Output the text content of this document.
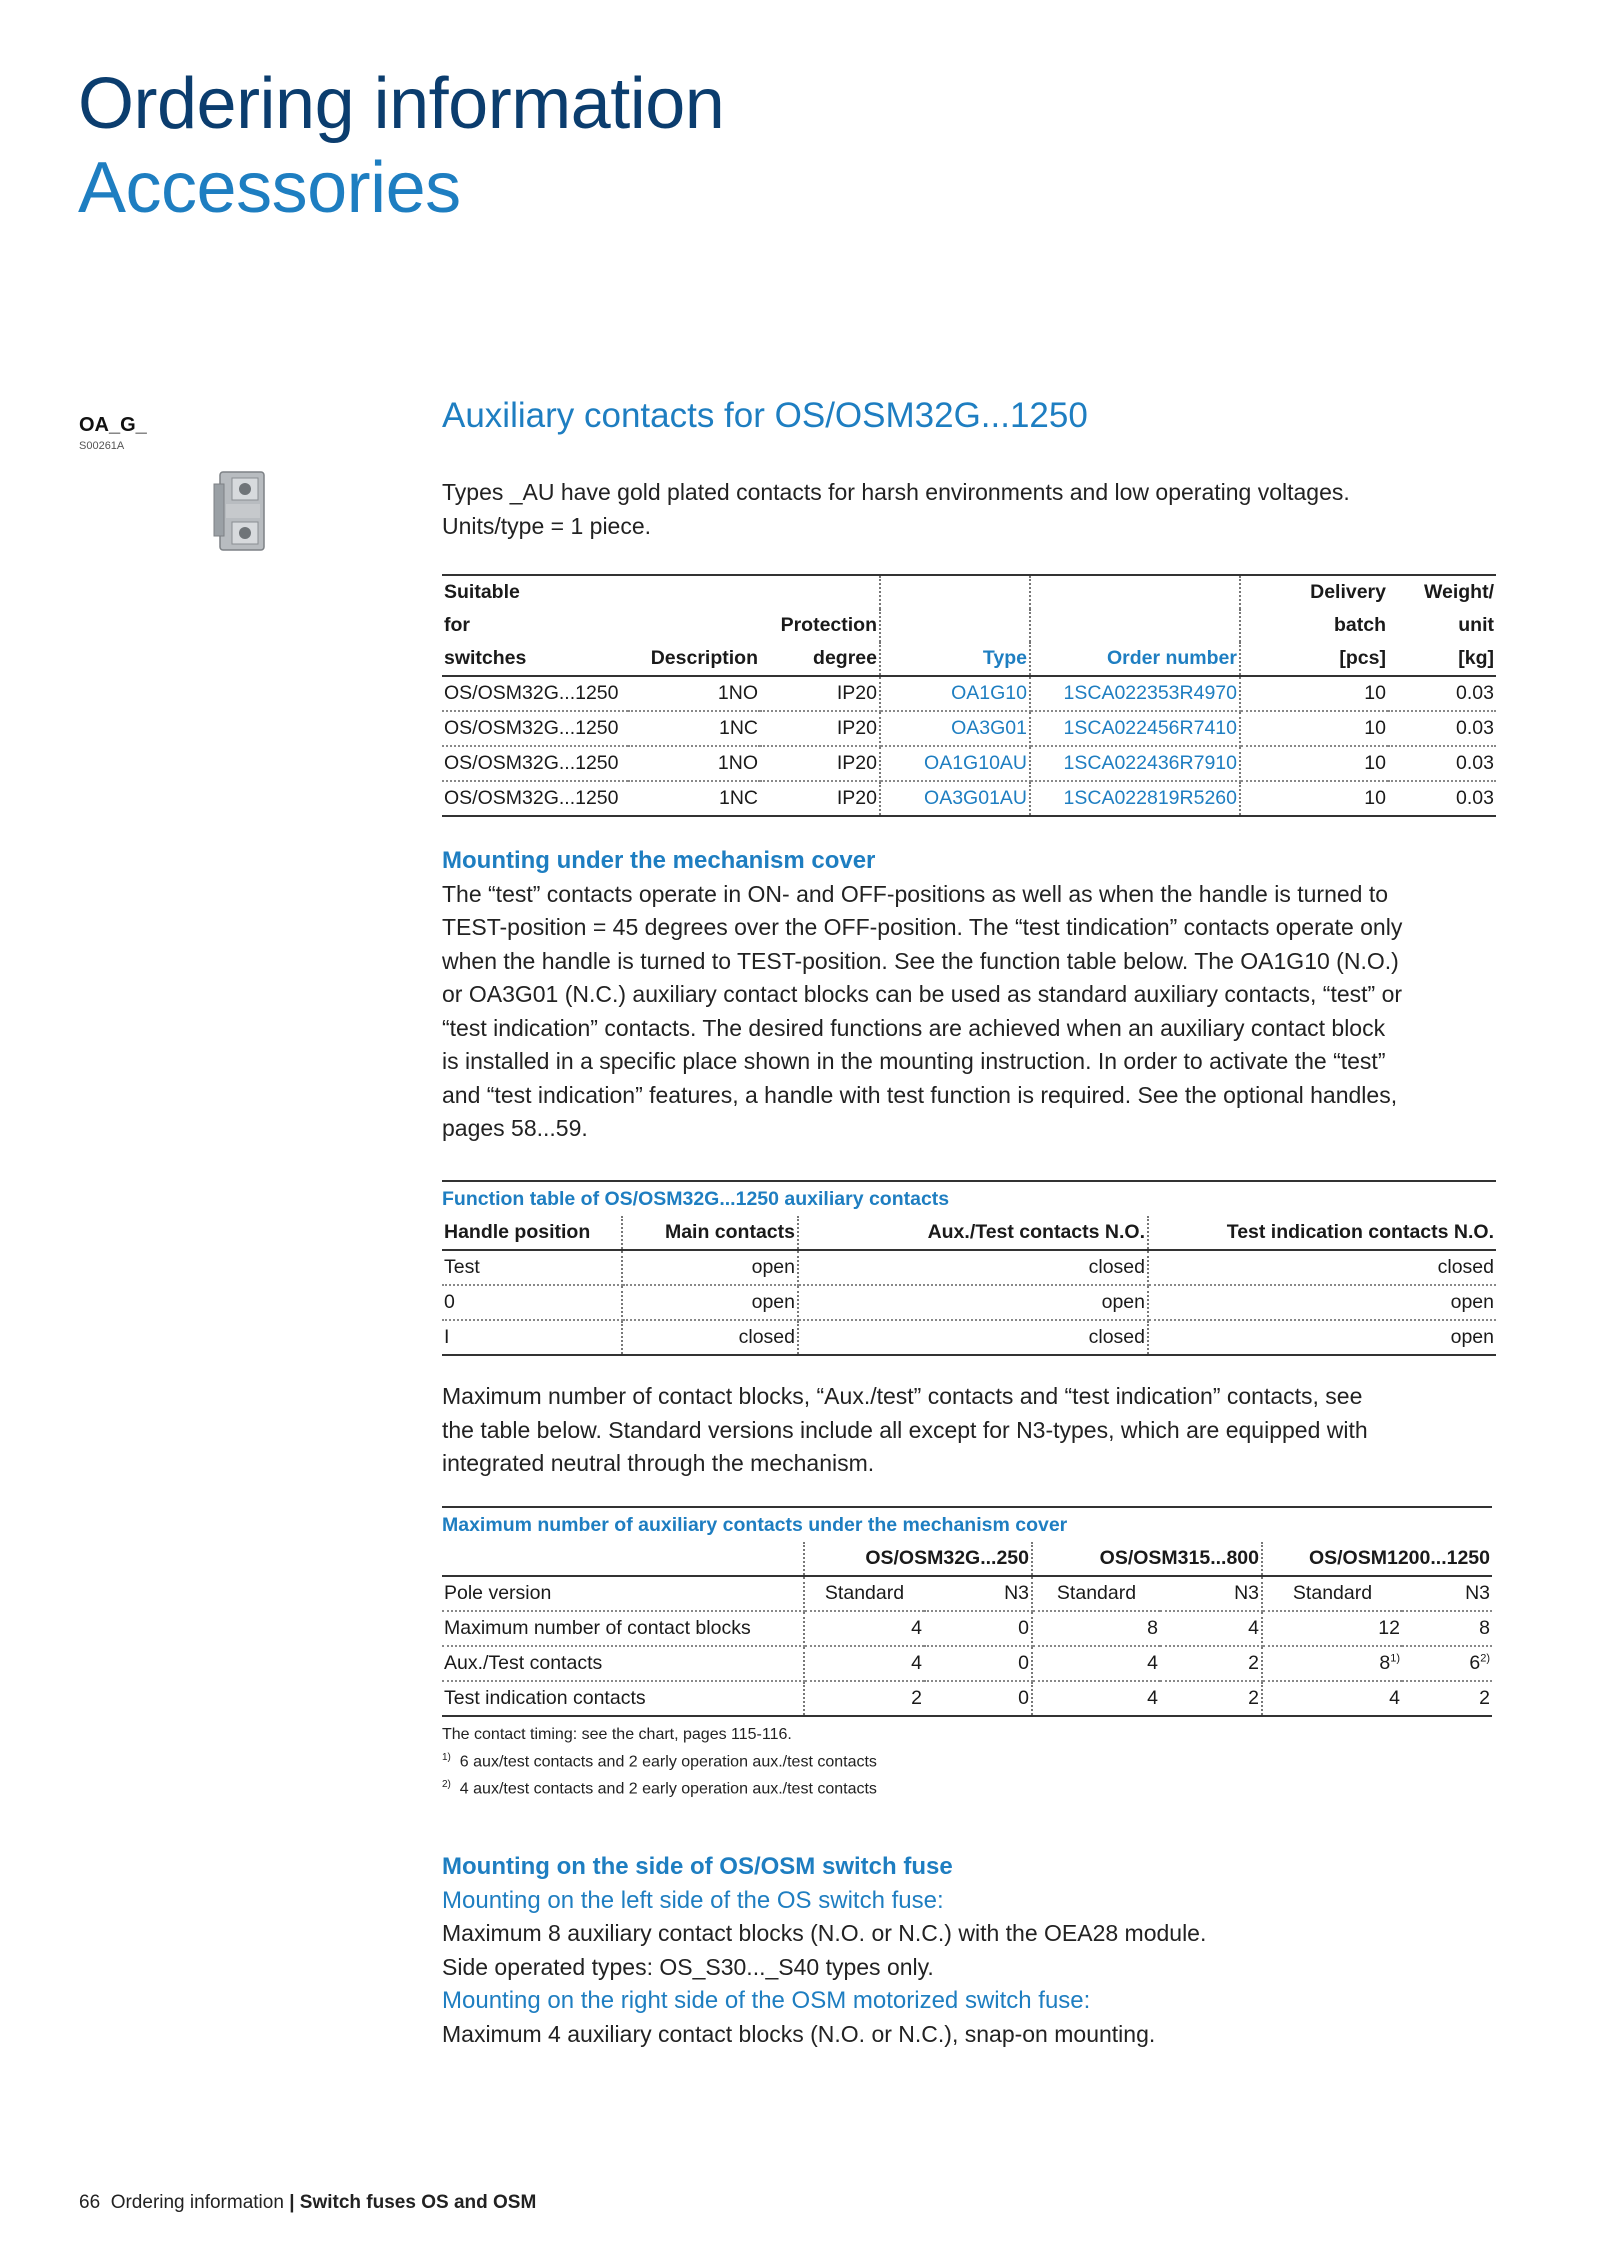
Ordering information
Accessories
OA_G_
S00261A
Auxiliary contacts for OS/OSM32G...1250

Types _AU have gold plated contacts for harsh environments and low operating voltages.

Units/type = 1 piece.

Suitable					Delivery	Weight/
for		Protection			batch	unit
switches	Description	degree	Type	Order number	[pcs]	[kg]
OS/OSM32G...1250	1NO	IP20	OA1G10	1SCA022353R4970	10	0.03
OS/OSM32G...1250	1NC	IP20	OA3G01	1SCA022456R7410	10	0.03
OS/OSM32G...1250	1NO	IP20	OA1G10AU	1SCA022436R7910	10	0.03
OS/OSM32G...1250	1NC	IP20	OA3G01AU	1SCA022819R5260	10	0.03
Mounting under the mechanism cover

The “test” contacts operate in ON- and OFF-positions as well as when the handle is turned to

TEST-position = 45 degrees over the OFF-position. The “test tindication” contacts operate only

when the handle is turned to TEST-position. See the function table below. The OA1G10 (N.O.)

or OA3G01 (N.C.) auxiliary contact blocks can be used as standard auxiliary contacts, “test” or

“test indication” contacts. The desired functions are achieved when an auxiliary contact block

is installed in a specific place shown in the mounting instruction. In order to activate the “test”

and “test indication” features, a handle with test function is required. See the optional handles,

pages 58...59.

Function table of OS/OSM32G...1250 auxiliary contacts
Handle position	Main contacts	Aux./Test contacts N.O.	Test indication contacts N.O.
Test	open	closed	closed
0	open	open	open
I	closed	closed	open

Maximum number of contact blocks, “Aux./test” contacts and “test indication” contacts, see

the table below. Standard versions include all except for N3-types, which are equipped with

integrated neutral through the mechanism.

Maximum number of auxiliary contacts under the mechanism cover
	OS/OSM32G...250		OS/OSM315...800		OS/OSM1200...1250	
Pole version	Standard	N3	Standard	N3	Standard	N3
Maximum number of contact blocks	4	0	8	4	12	8
Aux./Test contacts	4	0	4	2	8$^{1)}$	6$^{2)}$
Test indication contacts	2	0	4	2	4	2
The contact timing: see the chart, pages 115-116.
$^{1)}$ 6 aux/test contacts and 2 early operation aux./test contacts
$^{2)}$ 4 aux/test contacts and 2 early operation aux./test contacts
Mounting on the side of OS/OSM switch fuse
Mounting on the left side of the OS switch fuse:

Maximum 8 auxiliary contact blocks (N.O. or N.C.) with the OEA28 module.

Side operated types: OS_S30..._S40 types only.

Mounting on the right side of the OSM motorized switch fuse:

Maximum 4 auxiliary contact blocks (N.O. or N.C.), snap-on mounting.

66 Ordering information | Switch fuses OS and OSM
